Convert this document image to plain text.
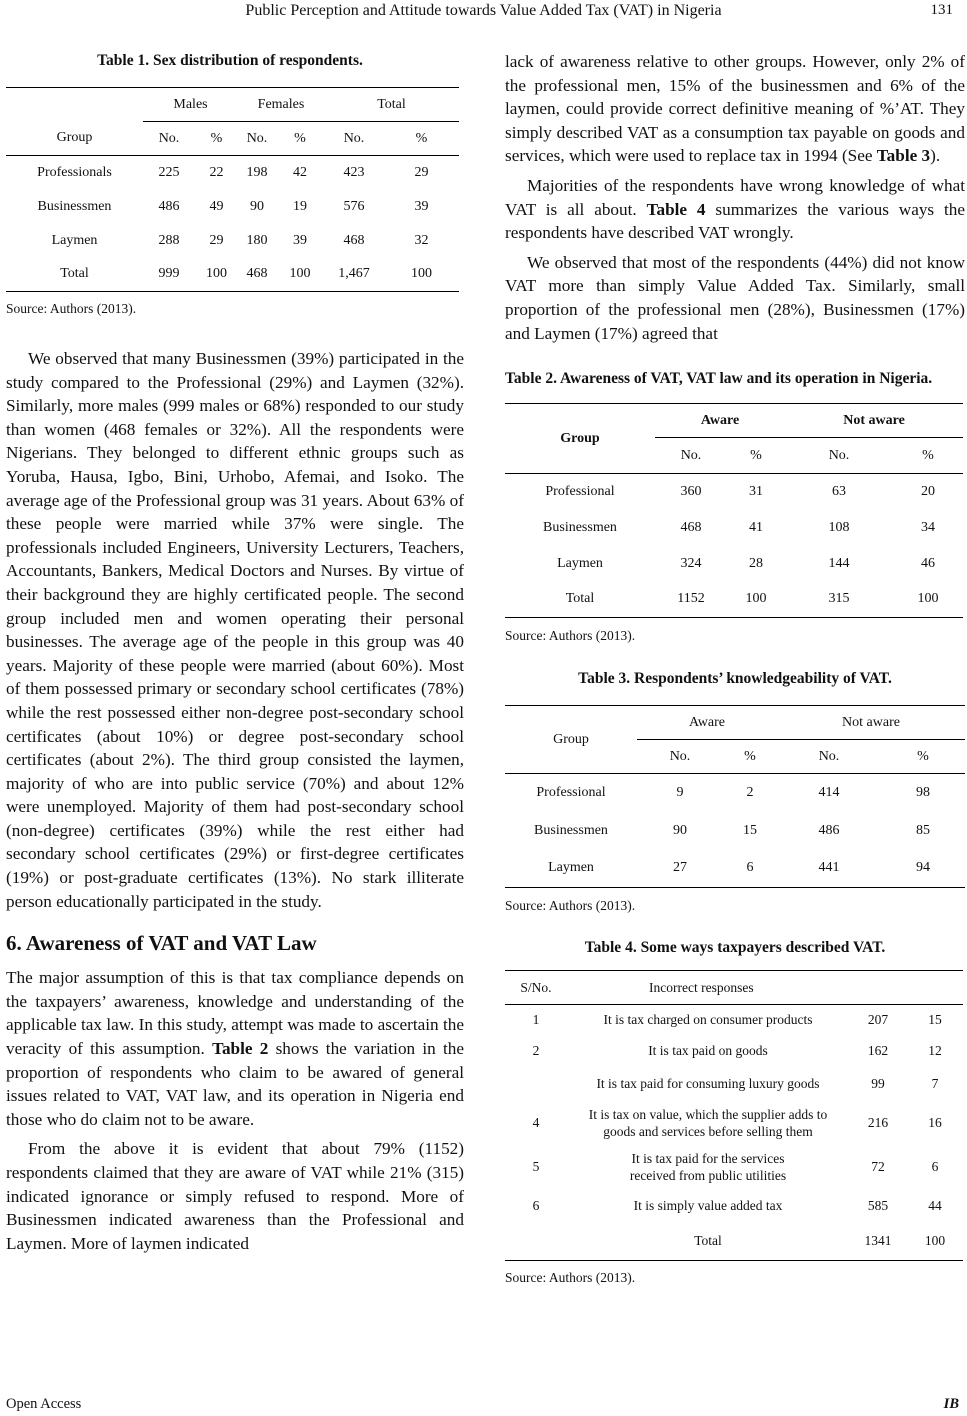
Public Perception and Attitude towards Value Added Tax (VAT) in Nigeria	131
Table 1. Sex distribution of respondents.
	Males		Females		Total	
Group	No.	%	No.	%	No.	%
Professionals	225	22	198	42	423	29
Businessmen	486	49	90	19	576	39
Laymen	288	29	180	39	468	32
Total	999	100	468	100	1,467	100
Source: Authors (2013).

We observed that many Businessmen (39%) participated in the study compared to the Professional (29%) and Laymen (32%). Similarly, more males (999 males or 68%) responded to our study than women (468 females or 32%). All the respondents were Nigerians. They belonged to different ethnic groups such as Yoruba, Hausa, Igbo, Bini, Urhobo, Afemai, and Isoko. The average age of the Professional group was 31 years. About 63% of these people were married while 37% were single. The professionals included Engineers, University Lecturers, Teachers, Accountants, Bankers, Medical Doctors and Nurses. By virtue of their background they are highly certificated people. The second group included men and women operating their personal businesses. The average age of the people in this group was 40 years. Majority of these people were married (about 60%). Most of them possessed primary or secondary school certificates (78%) while the rest possessed either non-degree post-secondary school certificates (about 10%) or degree post-secondary school certificates (about 2%). The third group consisted the laymen, majority of who are into public service (70%) and about 12% were unemployed. Majority of them had post-secondary school (non-degree) certificates (39%) while the rest either had secondary school certificates (29%) or first-degree certificates (19%) or post-graduate certificates (13%). No stark illiterate person educationally participated in the study.

6. Awareness of VAT and VAT Law

The major assumption of this is that tax compliance depends on the taxpayers’ awareness, knowledge and understanding of the applicable tax law. In this study, attempt was made to ascertain the veracity of this assumption. Table 2 shows the variation in the proportion of respondents who claim to be awared of general issues related to VAT, VAT law, and its operation in Nigeria end those who do claim not to be aware.

From the above it is evident that about 79% (1152) respondents claimed that they are aware of VAT while 21% (315) indicated ignorance or simply refused to respond. More of Businessmen indicated awareness than the Professional and Laymen. More of laymen indicated

lack of awareness relative to other groups. However, only 2% of the professional men, 15% of the businessmen and 6% of the laymen, could provide correct definitive meaning of %’AT. They simply described VAT as a consumption tax payable on goods and services, which were used to replace tax in 1994 (See Table 3).

Majorities of the respondents have wrong knowledge of what VAT is all about. Table 4 summarizes the various ways the respondents have described VAT wrongly.

We observed that most of the respondents (44%) did not know VAT more than simply Value Added Tax. Similarly, small proportion of the professional men (28%), Businessmen (17%) and Laymen (17%) agreed that

Table 2. Awareness of VAT, VAT law and its operation in Nigeria.
Group	Aware		Not aware	
	No.	%	No.	%
Professional	360	31	63	20
Businessmen	468	41	108	34
Laymen	324	28	144	46
Total	1152	100	315	100
Source: Authors (2013).
Table 3. Respondents’ knowledgeability of VAT.
Group	Aware		Not aware	
	No.	%	No.	%
Professional	9	2	414	98
Businessmen	90	15	486	85
Laymen	27	6	441	94
Source: Authors (2013).
Table 4. Some ways taxpayers described VAT.
S/No.	Incorrect responses		
1	It is tax charged on consumer products	207	15
2	It is tax paid on goods	162	12
	It is tax paid for consuming luxury goods	99	7
4	It is tax on value, which the supplier adds to goods and services before selling them	216	16
5	It is tax paid for the services received from public utilities	72	6
6	It is simply value added tax	585	44
	Total	1341	100
Source: Authors (2013).
Open Access	IB
